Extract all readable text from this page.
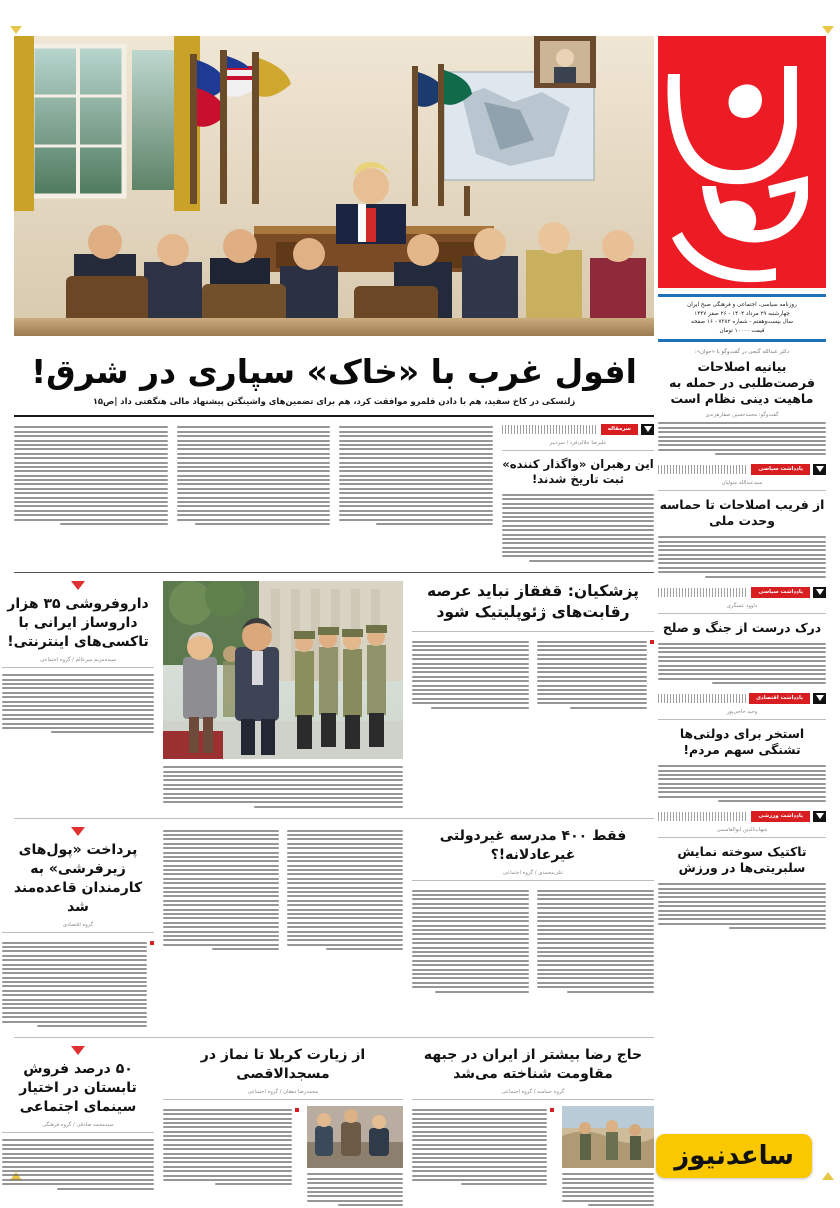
روزنامه سیاسی، اجتماعی و فرهنگی صبح ایران
چهارشنبه ۲۹ مرداد ۱۴۰۴ - ۲۶ صفر ۱۴۴۷
سال بیست‌وهفتم - شماره ۷۳۸۲ - ۱۶ صفحه
قیمت ۱۰۰۰۰ تومان
دکتر عبدالله گنجی در گفت‌وگو با «جوان»:
بیانیه اصلاحات فرصت‌طلبی در حمله به ماهیت دینی نظام است
گفت‌وگو: محمدحسین صفارهرندی
یادداشت سیاسی
سیدعبدالله متولیان
از فریب اصلاحات تا حماسه وحدت ملی
یادداشت سیاسی
داوود عسگری
درک درست از جنگ و صلح
یادداشت اقتصادی
وحید حاجی‌پور
استخر برای دولتی‌ها تشنگی سهم مردم!
یادداشت ورزشی
شهاب‌الدین ابوالقاسمی
تاکتیک سوخته نمایش سلبریتی‌ها در ورزش
افول غرب با «خاک» سپاری در شرق!
زلنسکی در کاخ سفید، هم با دادن قلمرو موافقت کرد، هم برای تضمین‌های واشینگتن پیشنهاد مالی هنگفتی داد |ص۱۵
سرمقاله
علیرضا جلالی‌فرد / سردبیر
این رهبران «واگذار کننده» ثبت تاریخ شدند!
پزشکیان: قفقاز نباید عرصه رقابت‌های ژئوپلیتیک شود
داروفروشی ۳۵ هزار داروساز ایرانی با تاکسی‌های اینترنتی!
سیده‌مریم میرعالم / گروه اجتماعی
فقط ۴۰۰ مدرسه غیردولتی غیرعادلانه!؟
علی‌محمدی / گروه اجتماعی
پرداخت «پول‌های زیرفرشی» به کارمندان قاعده‌مند شد
گروه اقتصادی
حاج رضا بیشتر از ایران در جبهه مقاومت شناخته می‌شد
گروه حماسه / گروه اجتماعی
از زیارت کربلا تا نماز در مسجدالاقصی
محمدرضا دهقان / گروه اجتماعی
۵۰ درصد فروش تابستان در اختیار سینمای اجتماعی
سیدمحمد صادقی / گروه فرهنگی
ساعدنیوز
